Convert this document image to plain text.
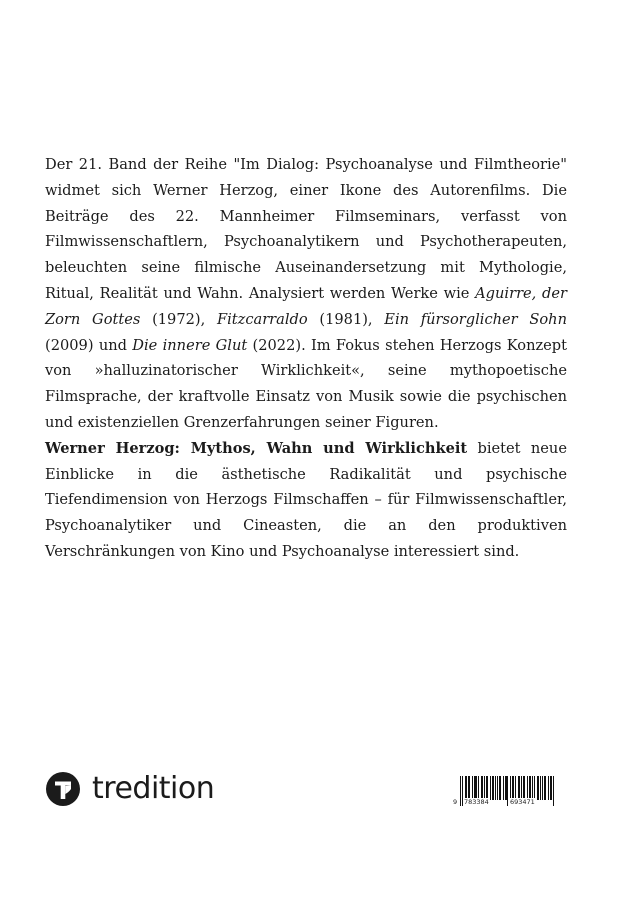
Der 21. Band der Reihe "Im Dialog: Psychoanalyse und Filmtheorie" widmet sich Werner Herzog, einer Ikone des Autorenfilms. Die Beiträge des 22. Mannheimer Filmseminars, verfasst von Filmwissenschaftlern, Psychoanalytikern und Psychotherapeuten, beleuchten seine filmische Auseinandersetzung mit Mythologie, Ritual, Realität und Wahn. Analysiert werden Werke wie Aguirre, der Zorn Gottes (1972), Fitzcarraldo (1981), Ein fürsorglicher Sohn (2009) und Die innere Glut (2022). Im Fokus stehen Herzogs Konzept von »halluzinatorischer Wirklichkeit«, seine mythopoetische Filmsprache, der kraftvolle Einsatz von Musik sowie die psychischen und existenziellen Grenzerfahrungen seiner Figuren.

Werner Herzog: Mythos, Wahn und Wirklichkeit bietet neue Einblicke in die ästhetische Radikalität und psychische Tiefendimension von Herzogs Filmschaffen – für Filmwissenschaftler, Psychoanalytiker und Cineasten, die an den produktiven Verschränkungen von Kino und Psychoanalyse interessiert sind.

tredition	9 783384	693471
